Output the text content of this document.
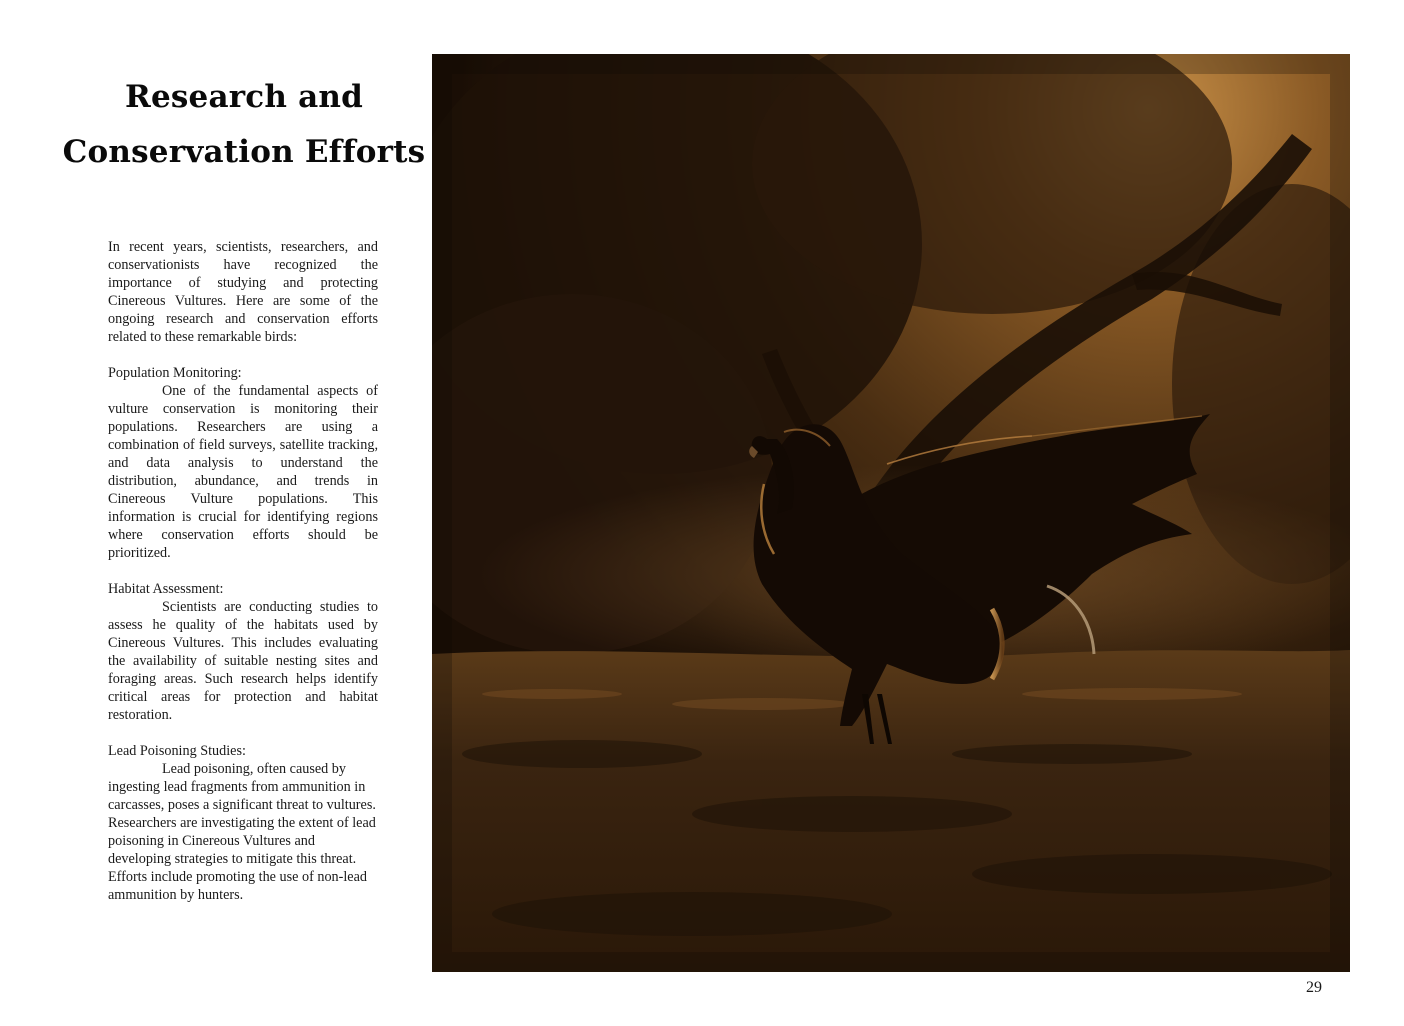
Research and
Conservation Efforts

In recent years, scientists, researchers, and conservationists have recognized the importance of studying and protecting Cinereous Vultures. Here are some of the ongoing research and conservation efforts related to these remarkable birds:

Population Monitoring:

One of the fundamental aspects of vulture conservation is monitoring their populations. Researchers are using a combination of field surveys, satellite tracking, and data analysis to understand the distribution, abundance, and trends in Cinereous Vulture populations. This information is crucial for identifying regions where conservation efforts should be prioritized.

Habitat Assessment:

Scientists are conducting studies to assess he quality of the habitats used by Cinereous Vultures. This includes evaluating the availability of suitable nesting sites and foraging areas. Such research helps identify critical areas for protection and habitat restoration.

Lead Poisoning Studies:

Lead poisoning, often caused by ingesting lead fragments from ammunition in carcasses, poses a significant threat to vultures. Researchers are investigating the extent of lead poisoning in Cinereous Vultures and developing strategies to mitigate this threat. Efforts include promoting the use of non-lead ammunition by hunters.

29
